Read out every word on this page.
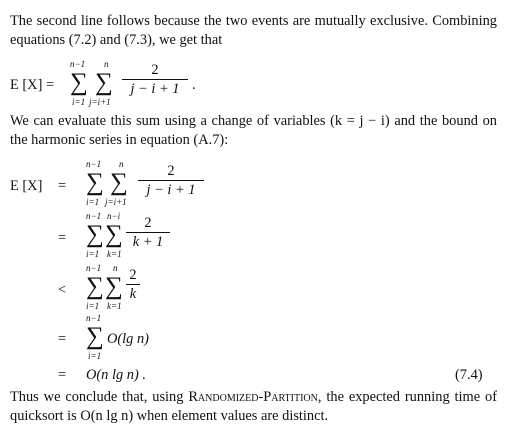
The second line follows because the two events are mutually exclusive. Combining equations (7.2) and (7.3), we get that
E [X] =
n−1
∑
i=1
n
∑
j=i+1
2
j − i + 1 .
We can evaluate this sum using a change of variables (k = j − i) and the bound on the harmonic series in equation (A.7):
E [X] =
n−1
∑
i=1
n
∑
j=i+1
2
j − i + 1
=
n−1
∑
i=1
n−i
∑
k=1
2
k + 1
<
n−1
∑
i=1
n
∑
k=1
2
k
=
n−1
∑
i=1
O(lg n)
= O(n lg n) .	(7.4)
Thus we conclude that, using Randomized-Partition, the expected running time of quicksort is O(n lg n) when element values are distinct.
